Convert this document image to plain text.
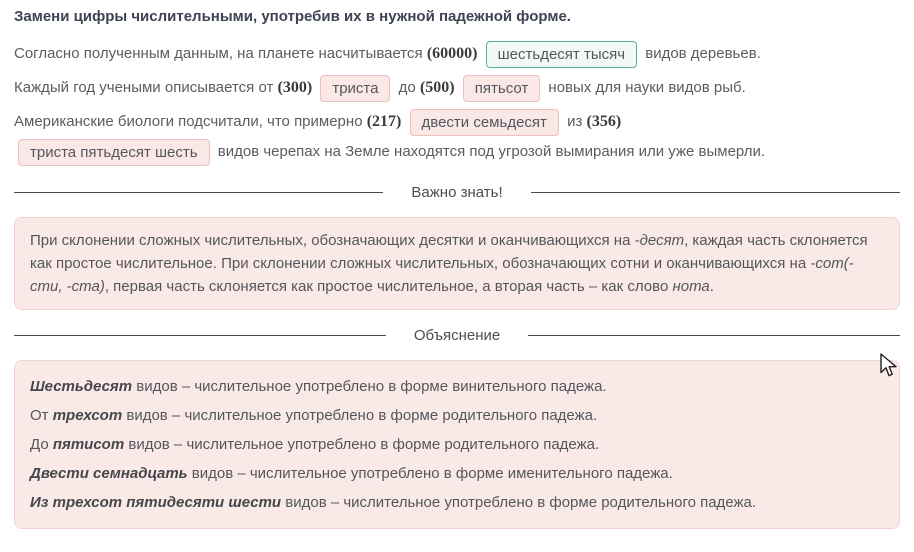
Замени цифры числительными, употребив их в нужной падежной форме.

Согласно полученным данным, на планете насчитывается (60000) шестьдесят тысяч видов деревьев.

Каждый год учеными описывается от (300) триста до (500) пятьсот новых для науки видов рыб.

Американские биологи подсчитали, что примерно (217) двести семьдесят из (356)
триста пятьдесят шесть видов черепах на Земле находятся под угрозой вымирания или уже вымерли.

Важно знать!
При склонении сложных числительных, обозначающих десятки и оканчивающихся на -десят, каждая часть склоняется как простое числительное. При склонении сложных числительных, обозначающих сотни и оканчивающихся на -сот(-сти, -ста), первая часть склоняется как простое числительное, а вторая часть – как слово нота.
Объяснение

Шестьдесят видов – числительное употреблено в форме винительного падежа.

От трехсот видов – числительное употреблено в форме родительного падежа.

До пятисот видов – числительное употреблено в форме родительного падежа.

Двести семнадцать видов – числительное употреблено в форме именительного падежа.

Из трехсот пятидесяти шести видов – числительное употреблено в форме родительного падежа.
